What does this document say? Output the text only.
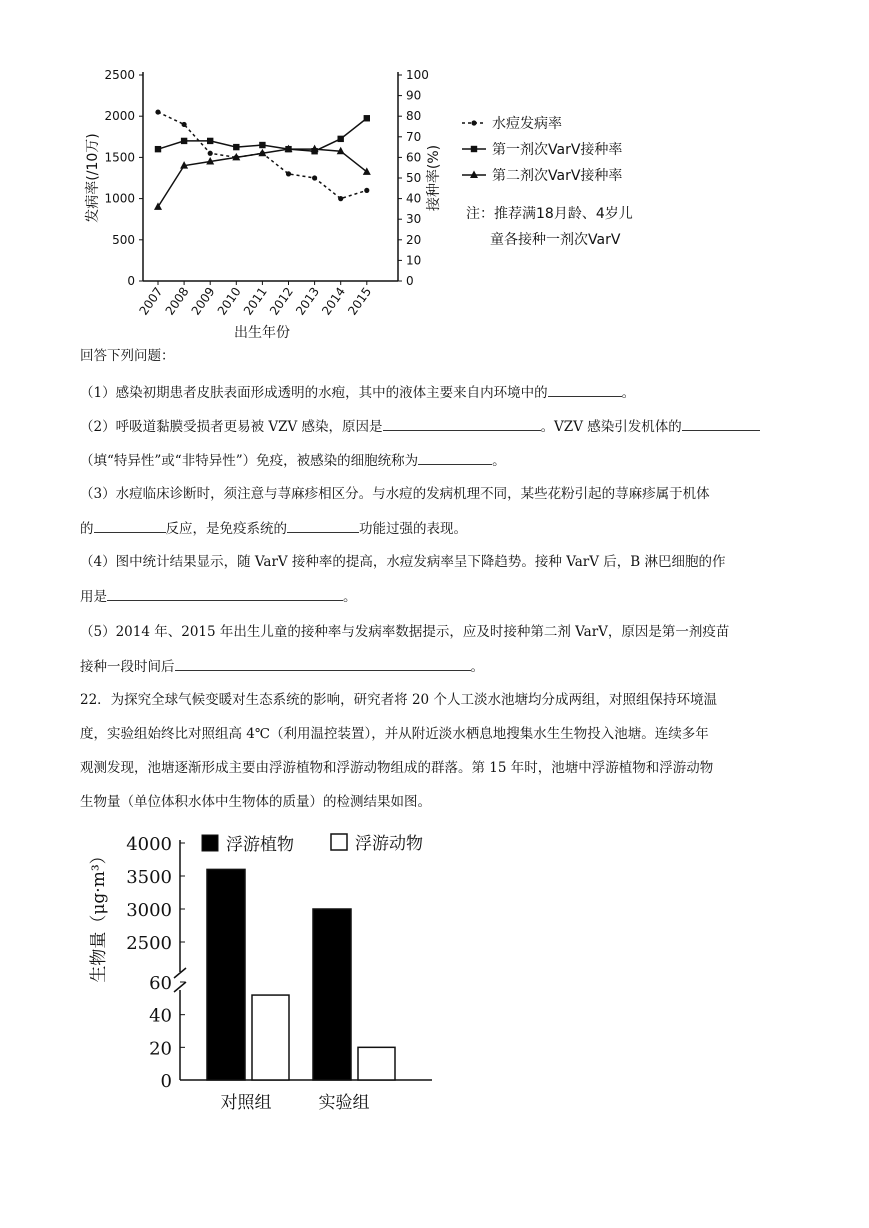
0
500
1000
1500
2000
2500
0
10
20
30
40
50
60
70
80
90
100
2007
2008
2009
2010
2011
2012
2013
2014
2015
出生年份
发病率(/10万)	接种率(%)
水痘发病率
第一剂次VarV接种率
第二剂次VarV接种率
注：推荐满18月龄、4岁儿
童各接种一剂次VarV
回答下列问题：
（1）感染初期患者皮肤表面形成透明的水疱，其中的液体主要来自内环境中的	。
（2）呼吸道黏膜受损者更易被 VZV 感染，原因是	。VZV 感染引发机体的
（填“特异性”或“非特异性”）免疫，被感染的细胞统称为	。
（3）水痘临床诊断时，须注意与荨麻疹相区分。与水痘的发病机理不同，某些花粉引起的荨麻疹属于机体
的	反应，是免疫系统的	功能过强的表现。
（4）图中统计结果显示，随 VarV 接种率的提高，水痘发病率呈下降趋势。接种 VarV 后，B 淋巴细胞的作
用是	。
（5）2014 年、2015 年出生儿童的接种率与发病率数据提示，应及时接种第二剂 VarV，原因是第一剂疫苗
接种一段时间后	。
22．为探究全球气候变暖对生态系统的影响，研究者将 20 个人工淡水池塘均分成两组，对照组保持环境温
度，实验组始终比对照组高 4℃（利用温控装置），并从附近淡水栖息地搜集水生生物投入池塘。连续多年
观测发现，池塘逐渐形成主要由浮游植物和浮游动物组成的群落。第 15 年时，池塘中浮游植物和浮游动物
生物量（单位体积水体中生物体的质量）的检测结果如图。
2500
3000
3500
4000
0
20
40
60
生物量（μg·m³）
对照组	实验组
浮游植物	浮游动物
